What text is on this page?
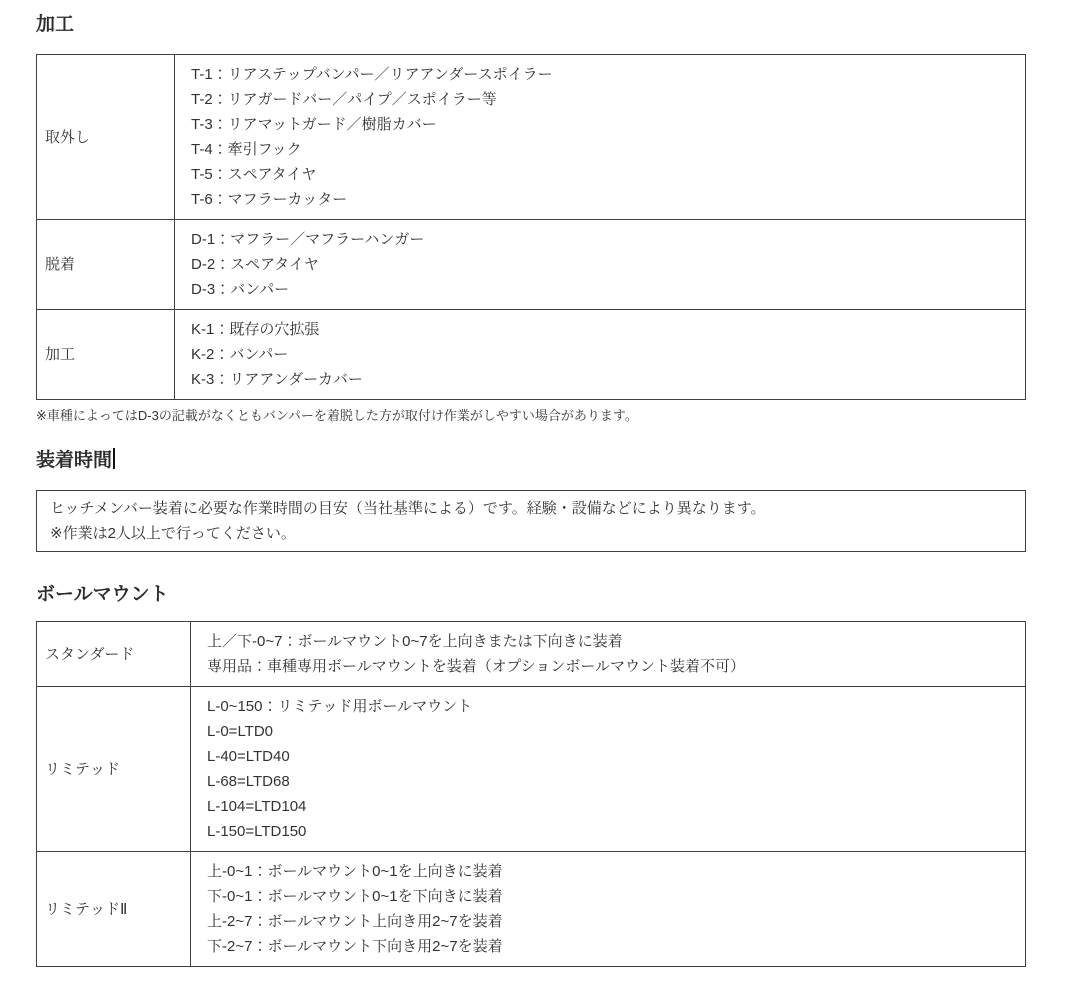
加工
取外し	
T-1：リアステップバンパー／リアアンダースポイラー
T-2：リアガードバー／パイプ／スポイラー等
T-3：リアマットガード／樹脂カバー
T-4：牽引フック
T-5：スペアタイヤ
T-6：マフラーカッター

脱着	D-1：マフラー／マフラーハンガー
D-2：スペアタイヤ
D-3：バンパー

加工	K-1：既存の穴拡張
K-2：バンパー
K-3：リアアンダーカバー

※車種によってはD-3の記載がなくともバンパーを着脱した方が取付け作業がしやすい場合があります。

装着時間
ヒッチメンバー装着に必要な作業時間の目安（当社基準による）です。経験・設備などにより異なります。
※作業は2人以上で行ってください。
ボールマウント
スタンダード	上／下-0~7：ボールマウント0~7を上向きまたは下向きに装着
専用品：車種専用ボールマウントを装着（オプションボールマウント装着不可）

リミテッド	
L-0~150：リミテッド用ボールマウント
L-0=LTD0
L-40=LTD40
L-68=LTD68
L-104=LTD104
L-150=LTD150

リミテッドⅡ	上-0~1：ボールマウント0~1を上向きに装着
下-0~1：ボールマウント0~1を下向きに装着
上-2~7：ボールマウント上向き用2~7を装着
下-2~7：ボールマウント下向き用2~7を装着
